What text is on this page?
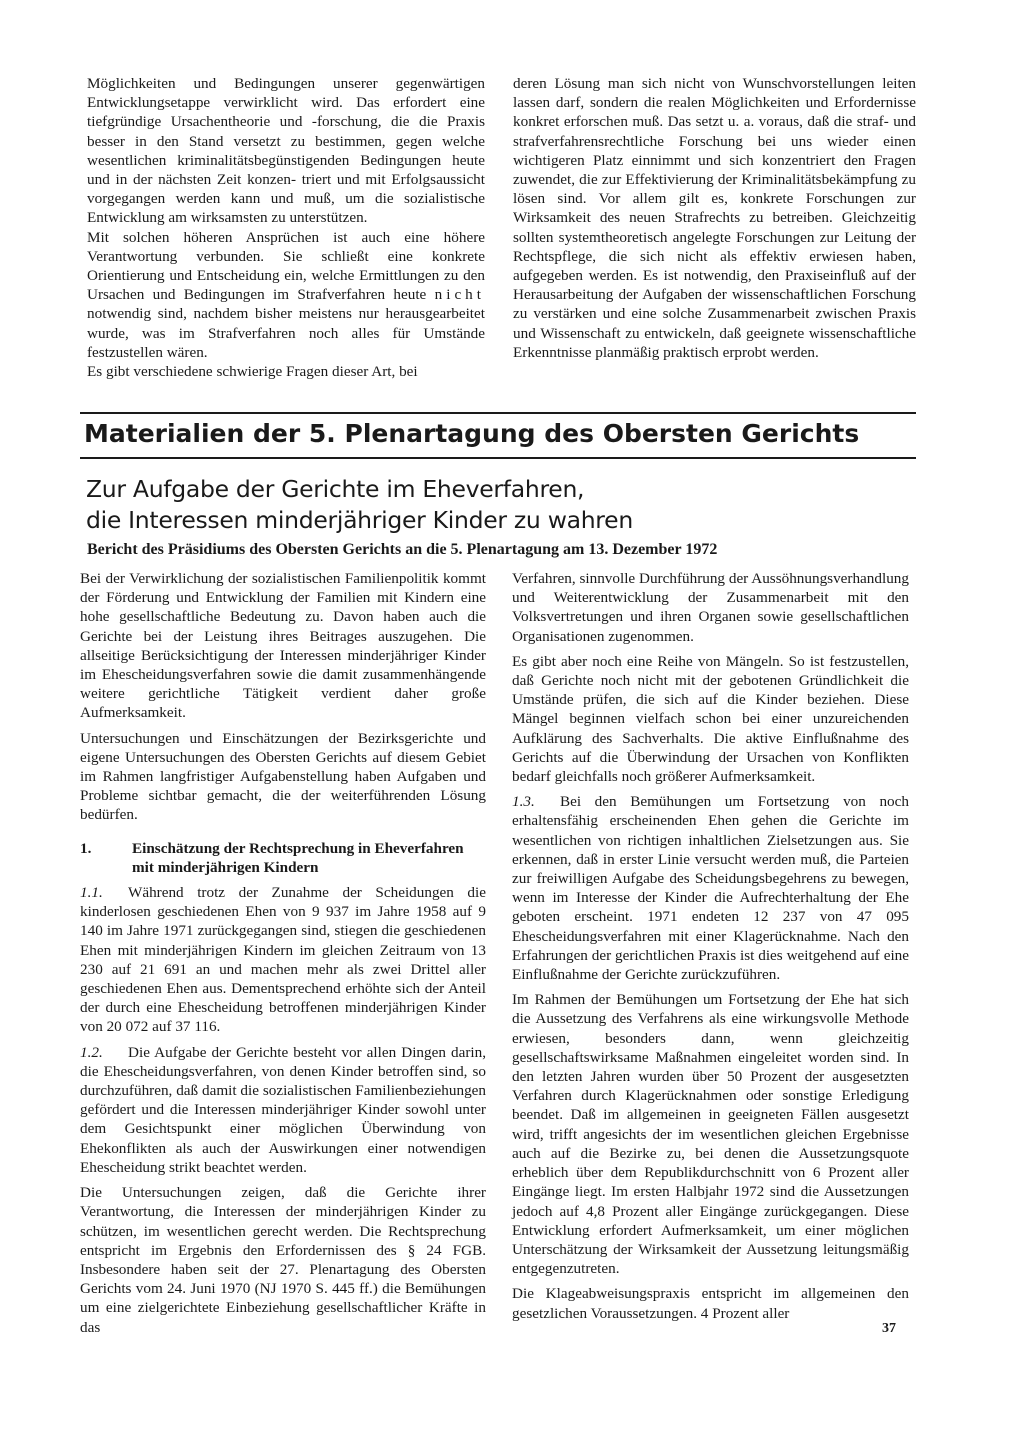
Möglichkeiten und Bedingungen unserer gegenwärtigen Entwicklungsetappe verwirklicht wird. Das erfordert eine tiefgründige Ursachentheorie und -forschung, die die Praxis besser in den Stand versetzt zu bestimmen, gegen welche wesentlichen kriminalitätsbegünstigenden Bedingungen heute und in der nächsten Zeit konzen- triert und mit Erfolgsaussicht vorgegangen werden kann und muß, um die sozialistische Entwicklung am wirksamsten zu unterstützen.

Mit solchen höheren Ansprüchen ist auch eine höhere Verantwortung verbunden. Sie schließt eine konkrete Orientierung und Entscheidung ein, welche Ermittlungen zu den Ursachen und Bedingungen im Strafverfahren heute nicht notwendig sind, nachdem bisher meistens nur herausgearbeitet wurde, was im Strafverfahren noch alles für Umstände festzustellen wären.

Es gibt verschiedene schwierige Fragen dieser Art, bei

deren Lösung man sich nicht von Wunschvorstellungen leiten lassen darf, sondern die realen Möglichkeiten und Erfordernisse konkret erforschen muß. Das setzt u. a. voraus, daß die straf- und strafverfahrensrechtliche Forschung bei uns wieder einen wichtigeren Platz einnimmt und sich konzentriert den Fragen zuwendet, die zur Effektivierung der Kriminalitätsbekämpfung zu lösen sind. Vor allem gilt es, konkrete Forschungen zur Wirksamkeit des neuen Strafrechts zu betreiben. Gleichzeitig sollten systemtheoretisch angelegte Forschungen zur Leitung der Rechtspflege, die sich nicht als effektiv erwiesen haben, aufgegeben werden. Es ist notwendig, den Praxiseinfluß auf der Herausarbeitung der Aufgaben der wissenschaftlichen Forschung zu verstärken und eine solche Zusammenarbeit zwischen Praxis und Wissenschaft zu entwickeln, daß geeignete wissenschaftliche Erkenntnisse planmäßig praktisch erprobt werden.

Materialien der 5. Plenartagung des Obersten Gerichts
Zur Aufgabe der Gerichte im Eheverfahren,
die Interessen minderjähriger Kinder zu wahren

Bericht des Präsidiums des Obersten Gerichts an die 5. Plenartagung am 13. Dezember 1972

Bei der Verwirklichung der sozialistischen Familienpolitik kommt der Förderung und Entwicklung der Familien mit Kindern eine hohe gesellschaftliche Bedeutung zu. Davon haben auch die Gerichte bei der Leistung ihres Beitrages auszugehen. Die allseitige Berücksichtigung der Interessen minderjähriger Kinder im Ehescheidungsverfahren sowie die damit zusammenhängende weitere gerichtliche Tätigkeit verdient daher große Aufmerksamkeit.

Untersuchungen und Einschätzungen der Bezirksgerichte und eigene Untersuchungen des Obersten Gerichts auf diesem Gebiet im Rahmen langfristiger Aufgabenstellung haben Aufgaben und Probleme sichtbar gemacht, die der weiterführenden Lösung bedürfen.

1.	Einschätzung der Rechtsprechung in Eheverfahren mit minderjährigen Kindern

1.1. Während trotz der Zunahme der Scheidungen die kinderlosen geschiedenen Ehen von 9 937 im Jahre 1958 auf 9 140 im Jahre 1971 zurückgegangen sind, stiegen die geschiedenen Ehen mit minderjährigen Kindern im gleichen Zeitraum von 13 230 auf 21 691 an und machen mehr als zwei Drittel aller geschiedenen Ehen aus. Dementsprechend erhöhte sich der Anteil der durch eine Ehescheidung betroffenen minderjährigen Kinder von 20 072 auf 37 116.

1.2. Die Aufgabe der Gerichte besteht vor allen Dingen darin, die Ehescheidungsverfahren, von denen Kinder betroffen sind, so durchzuführen, daß damit die sozialistischen Familienbeziehungen gefördert und die Interessen minderjähriger Kinder sowohl unter dem Gesichtspunkt einer möglichen Überwindung von Ehekonflikten als auch der Auswirkungen einer notwendigen Ehescheidung strikt beachtet werden.

Die Untersuchungen zeigen, daß die Gerichte ihrer Verantwortung, die Interessen der minderjährigen Kinder zu schützen, im wesentlichen gerecht werden. Die Rechtsprechung entspricht im Ergebnis den Erfordernissen des § 24 FGB. Insbesondere haben seit der 27. Plenartagung des Obersten Gerichts vom 24. Juni 1970 (NJ 1970 S. 445 ff.) die Bemühungen um eine zielgerichtete Einbeziehung gesellschaftlicher Kräfte in das

Verfahren, sinnvolle Durchführung der Aussöhnungsverhandlung und Weiterentwicklung der Zusammenarbeit mit den Volksvertretungen und ihren Organen sowie gesellschaftlichen Organisationen zugenommen.

Es gibt aber noch eine Reihe von Mängeln. So ist festzustellen, daß Gerichte noch nicht mit der gebotenen Gründlichkeit die Umstände prüfen, die sich auf die Kinder beziehen. Diese Mängel beginnen vielfach schon bei einer unzureichenden Aufklärung des Sachverhalts. Die aktive Einflußnahme des Gerichts auf die Überwindung der Ursachen von Konflikten bedarf gleichfalls noch größerer Aufmerksamkeit.

1.3. Bei den Bemühungen um Fortsetzung von noch erhaltensfähig erscheinenden Ehen gehen die Gerichte im wesentlichen von richtigen inhaltlichen Zielsetzungen aus. Sie erkennen, daß in erster Linie versucht werden muß, die Parteien zur freiwilligen Aufgabe des Scheidungsbegehrens zu bewegen, wenn im Interesse der Kinder die Aufrechterhaltung der Ehe geboten erscheint. 1971 endeten 12 237 von 47 095 Ehescheidungsverfahren mit einer Klagerücknahme. Nach den Erfahrungen der gerichtlichen Praxis ist dies weitgehend auf eine Einflußnahme der Gerichte zurückzuführen.

Im Rahmen der Bemühungen um Fortsetzung der Ehe hat sich die Aussetzung des Verfahrens als eine wirkungsvolle Methode erwiesen, besonders dann, wenn gleichzeitig gesellschaftswirksame Maßnahmen eingeleitet worden sind. In den letzten Jahren wurden über 50 Prozent der ausgesetzten Verfahren durch Klagerücknahmen oder sonstige Erledigung beendet. Daß im allgemeinen in geeigneten Fällen ausgesetzt wird, trifft angesichts der im wesentlichen gleichen Ergebnisse auch auf die Bezirke zu, bei denen die Aussetzungsquote erheblich über dem Republikdurchschnitt von 6 Prozent aller Eingänge liegt. Im ersten Halbjahr 1972 sind die Aussetzungen jedoch auf 4,8 Prozent aller Eingänge zurückgegangen. Diese Entwicklung erfordert Aufmerksamkeit, um einer möglichen Unterschätzung der Wirksamkeit der Aussetzung leitungsmäßig entgegenzutreten.

Die Klageabweisungspraxis entspricht im allgemeinen den gesetzlichen Voraussetzungen. 4 Prozent aller

37
